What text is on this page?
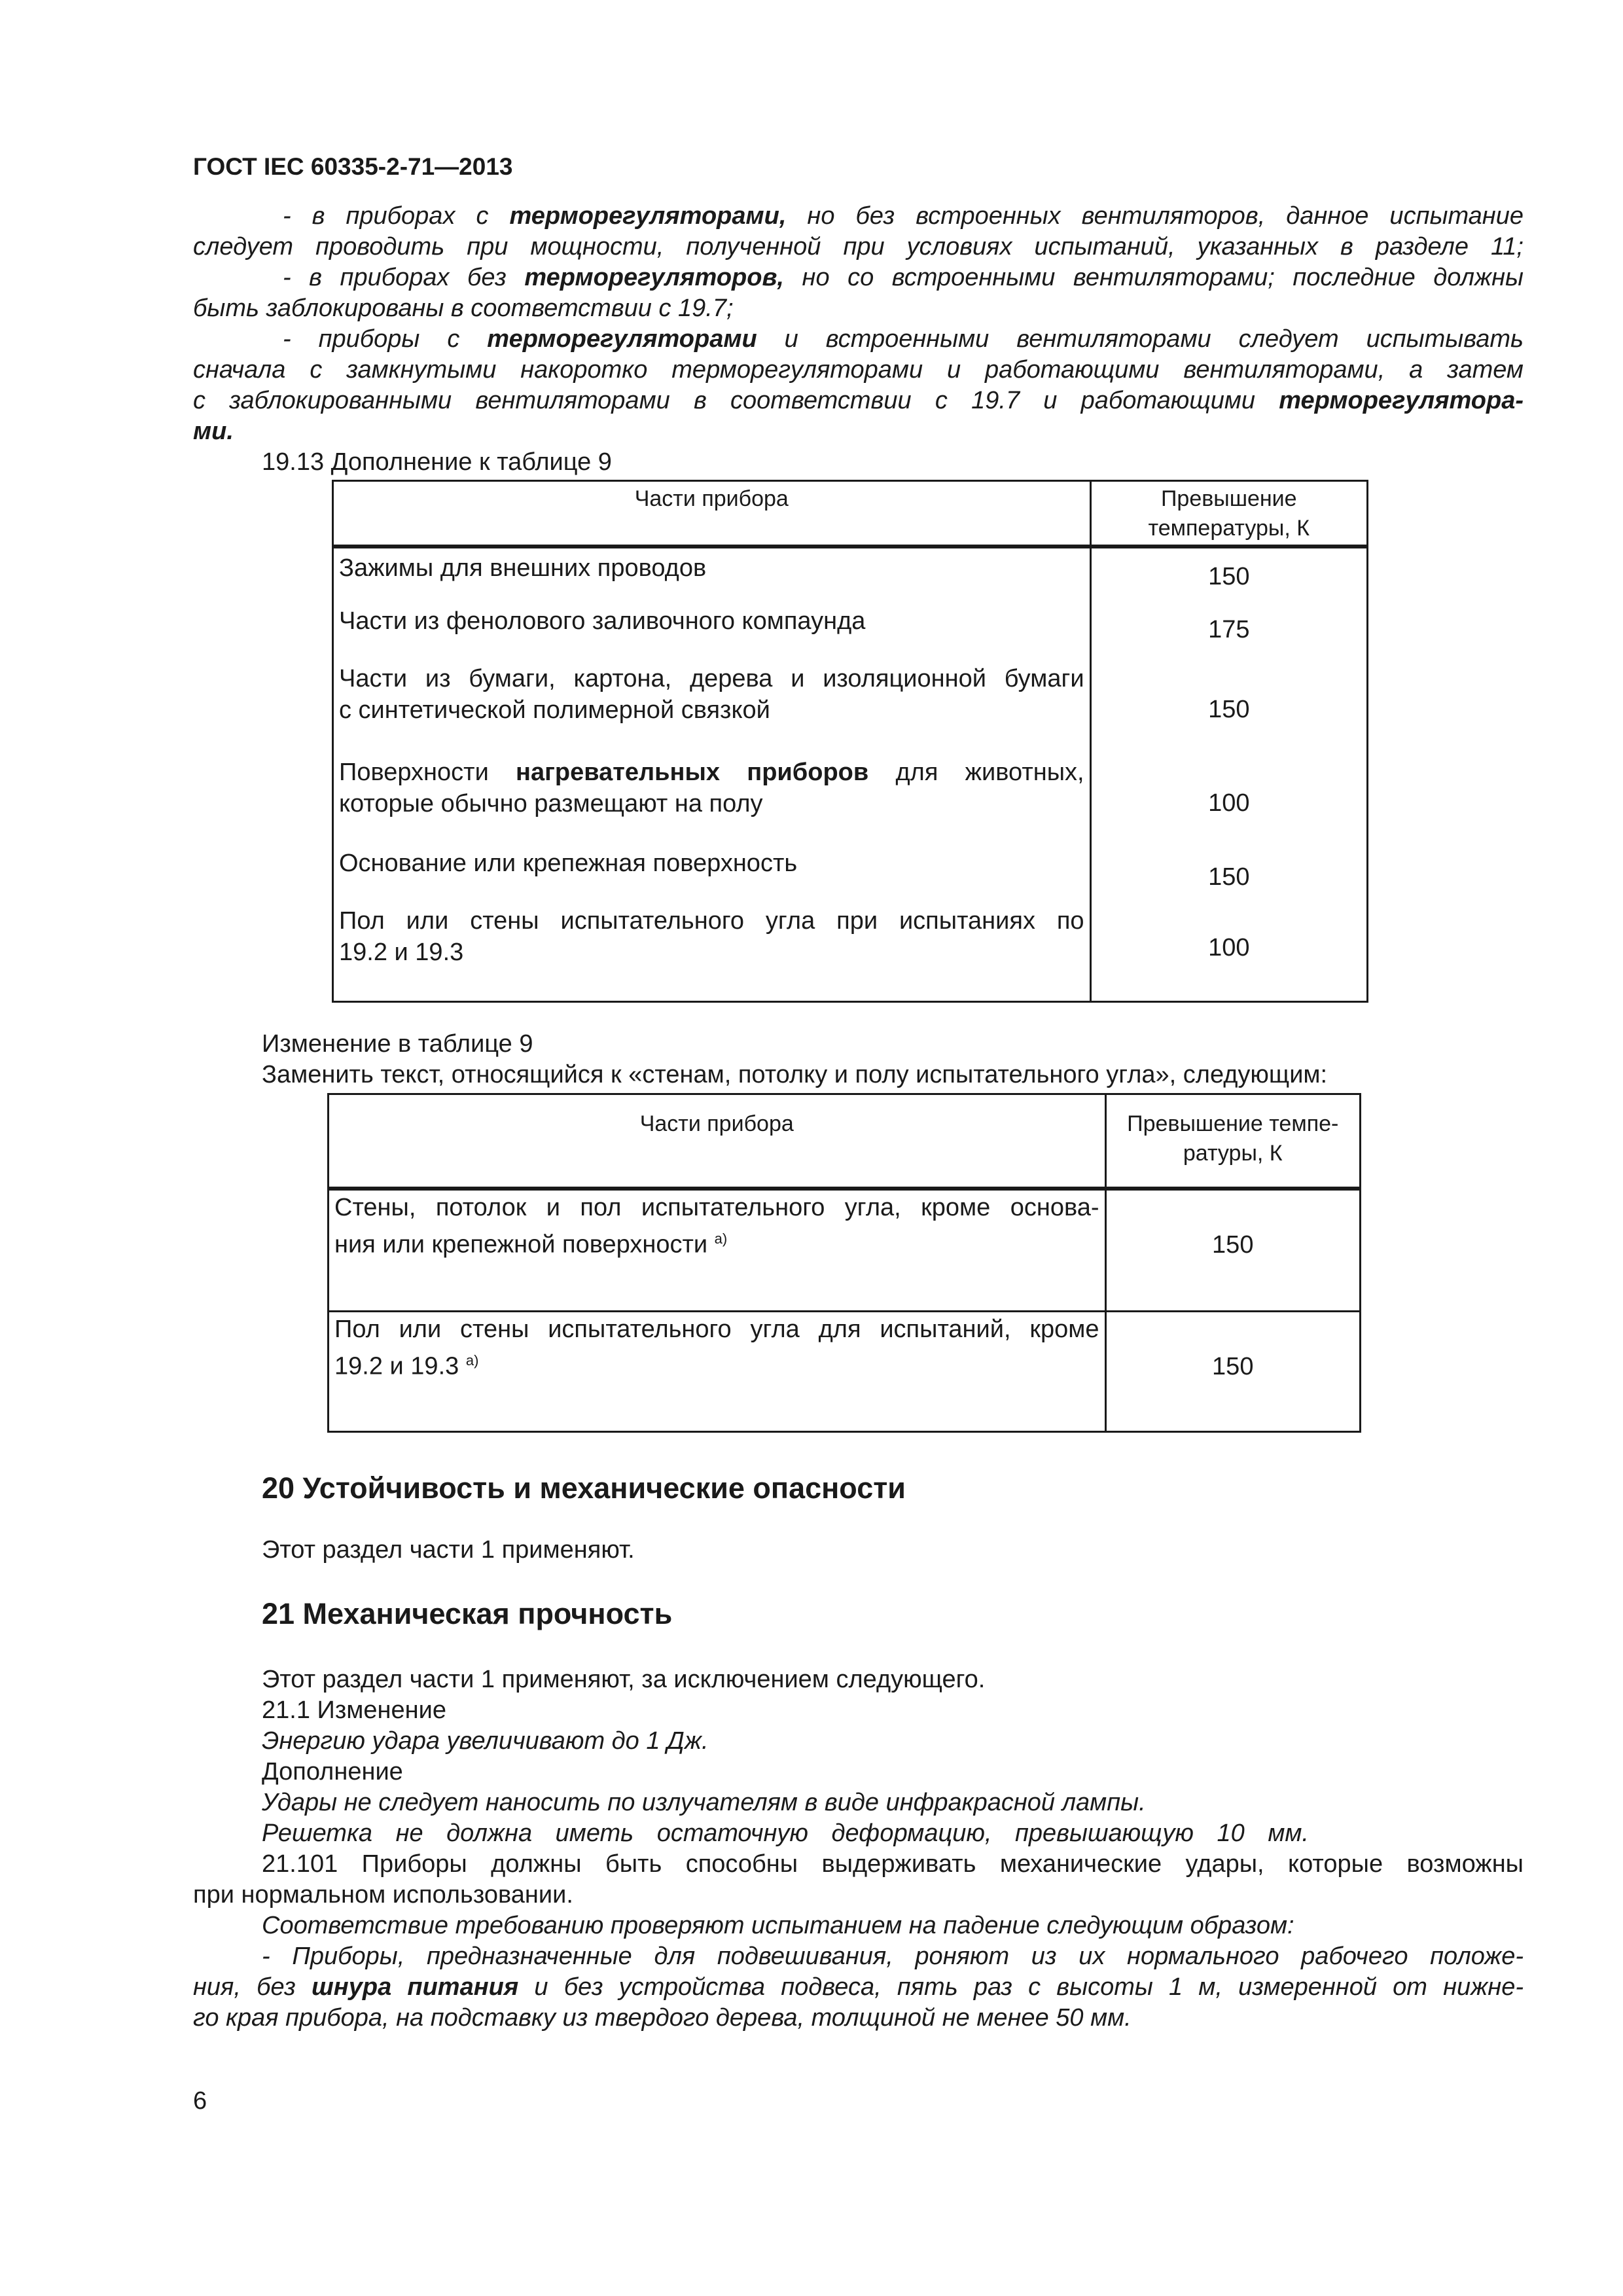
ГОСТ IEC 60335-2-71—2013
- в приборах с терморегуляторами, но без встроенных вентиляторов, данное испытание
следует проводить при мощности, полученной при условиях испытаний, указанных в разделе 11;
- в приборах без терморегуляторов, но со встроенными вентиляторами; последние должны
быть заблокированы в соответствии с 19.7;
- приборы с терморегуляторами и встроенными вентиляторами следует испытывать
сначала с замкнутыми накоротко терморегуляторами и работающими вентиляторами, а затем
с заблокированными вентиляторами в соответствии с 19.7 и работающими терморегулятора-
ми.
19.13 Дополнение к таблице 9
Части прибора	Превышение
температуры, К

Зажимы для внешних проводов	150

Части из фенолового заливочного компаунда	175

Части из бумаги, картона, дерева и изоляционной бумаги
с синтетической полимерной связкой	150

Поверхности нагревательных приборов для животных,
которые обычно размещают на полу	100

Основание или крепежная поверхность	150

Пол или стены испытательного угла при испытаниях по
19.2 и 19.3	100
Изменение в таблице 9
Заменить текст, относящийся к «стенам, потолку и полу испытательного угла», следующим:
Части прибора	Превышение темпе-
ратуры, К

Стены, потолок и пол испытательного угла, кроме основа-
ния или крепежной поверхности $^{а)}$	150

Пол или стены испытательного угла для испытаний, кроме
19.2 и 19.3 $^{а)}$	150
20 Устойчивость и механические опасности
Этот раздел части 1 применяют.
21 Механическая прочность
Этот раздел части 1 применяют, за исключением следующего.
21.1 Изменение
Энергию удара увеличивают до 1 Дж.
Дополнение
Удары не следует наносить по излучателям в виде инфракрасной лампы.
Решетка не должна иметь остаточную деформацию, превышающую 10 мм.
21.101 Приборы должны быть способны выдерживать механические удары, которые возможны
при нормальном использовании.
Соответствие требованию проверяют испытанием на падение следующим образом:
- Приборы, предназначенные для подвешивания, роняют из их нормального рабочего положе-
ния, без шнура питания и без устройства подвеса, пять раз с высоты 1 м, измеренной от нижне-
го края прибора, на подставку из твердого дерева, толщиной не менее 50 мм.
6
